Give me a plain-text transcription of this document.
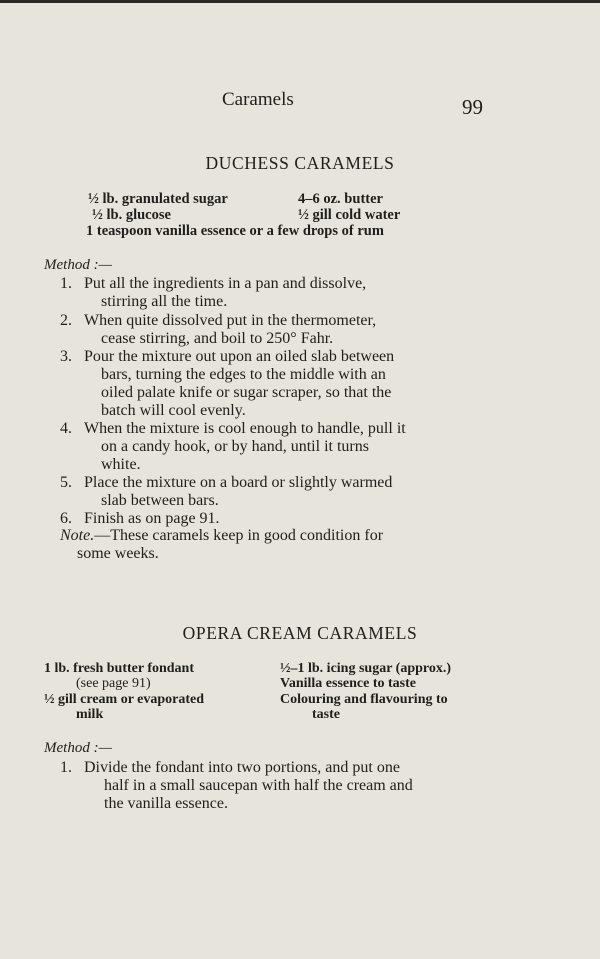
Caramels	99
DUCHESS CARAMELS
½ lb. granulated sugar
½ lb. glucose
4–6 oz. butter
½ gill cold water
1 teaspoon vanilla essence or a few drops of rum
Method :—
1. Put all the ingredients in a pan and dissolve,
stirring all the time.
2. When quite dissolved put in the thermometer,
cease stirring, and boil to 250° Fahr.
3. Pour the mixture out upon an oiled slab between
bars, turning the edges to the middle with an
oiled palate knife or sugar scraper, so that the
batch will cool evenly.
4. When the mixture is cool enough to handle, pull it
on a candy hook, or by hand, until it turns
white.
5. Place the mixture on a board or slightly warmed
slab between bars.
6. Finish as on page 91.
Note.—These caramels keep in good condition for
some weeks.
OPERA CREAM CARAMELS
1 lb. fresh butter fondant
(see page 91)
½ gill cream or evaporated
milk
½–1 lb. icing sugar (approx.)
Vanilla essence to taste
Colouring and flavouring to
taste
Method :—
1. Divide the fondant into two portions, and put one
half in a small saucepan with half the cream and
the vanilla essence.
